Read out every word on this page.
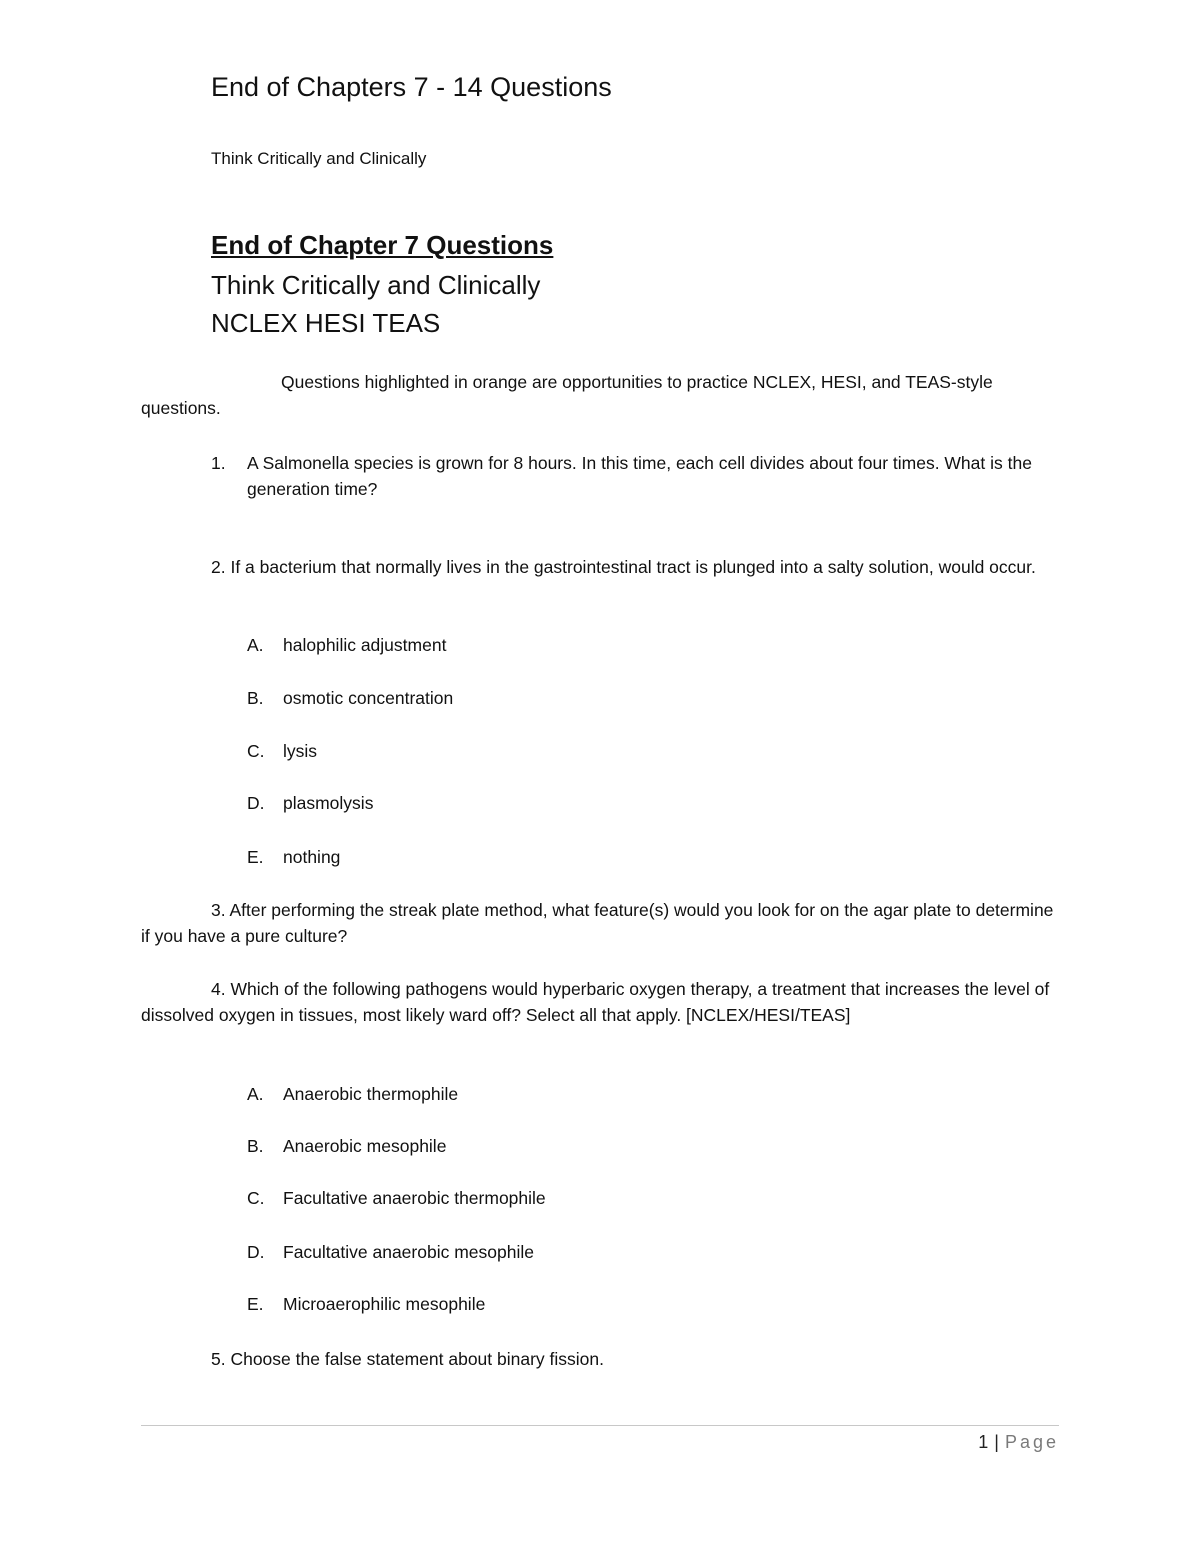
End of Chapters 7 - 14 Questions

Think Critically and Clinically

End of Chapter 7 Questions

Think Critically and Clinically

NCLEX HESI TEAS

Questions highlighted in orange are opportunities to practice NCLEX, HESI, and TEAS-style questions.

1. A Salmonella species is grown for 8 hours. In this time, each cell divides about four times. What is the generation time?

2. If a bacterium that normally lives in the gastrointestinal tract is plunged into a salty solution, would occur.

A. halophilic adjustment
B. osmotic concentration
C. lysis
D. plasmolysis
E. nothing

3. After performing the streak plate method, what feature(s) would you look for on the agar plate to determine if you have a pure culture?

4. Which of the following pathogens would hyperbaric oxygen therapy, a treatment that increases the level of dissolved oxygen in tissues, most likely ward off? Select all that apply. [NCLEX/HESI/TEAS]

A. Anaerobic thermophile
B. Anaerobic mesophile
C. Facultative anaerobic thermophile
D. Facultative anaerobic mesophile
E. Microaerophilic mesophile

5. Choose the false statement about binary fission.

1 | Page
